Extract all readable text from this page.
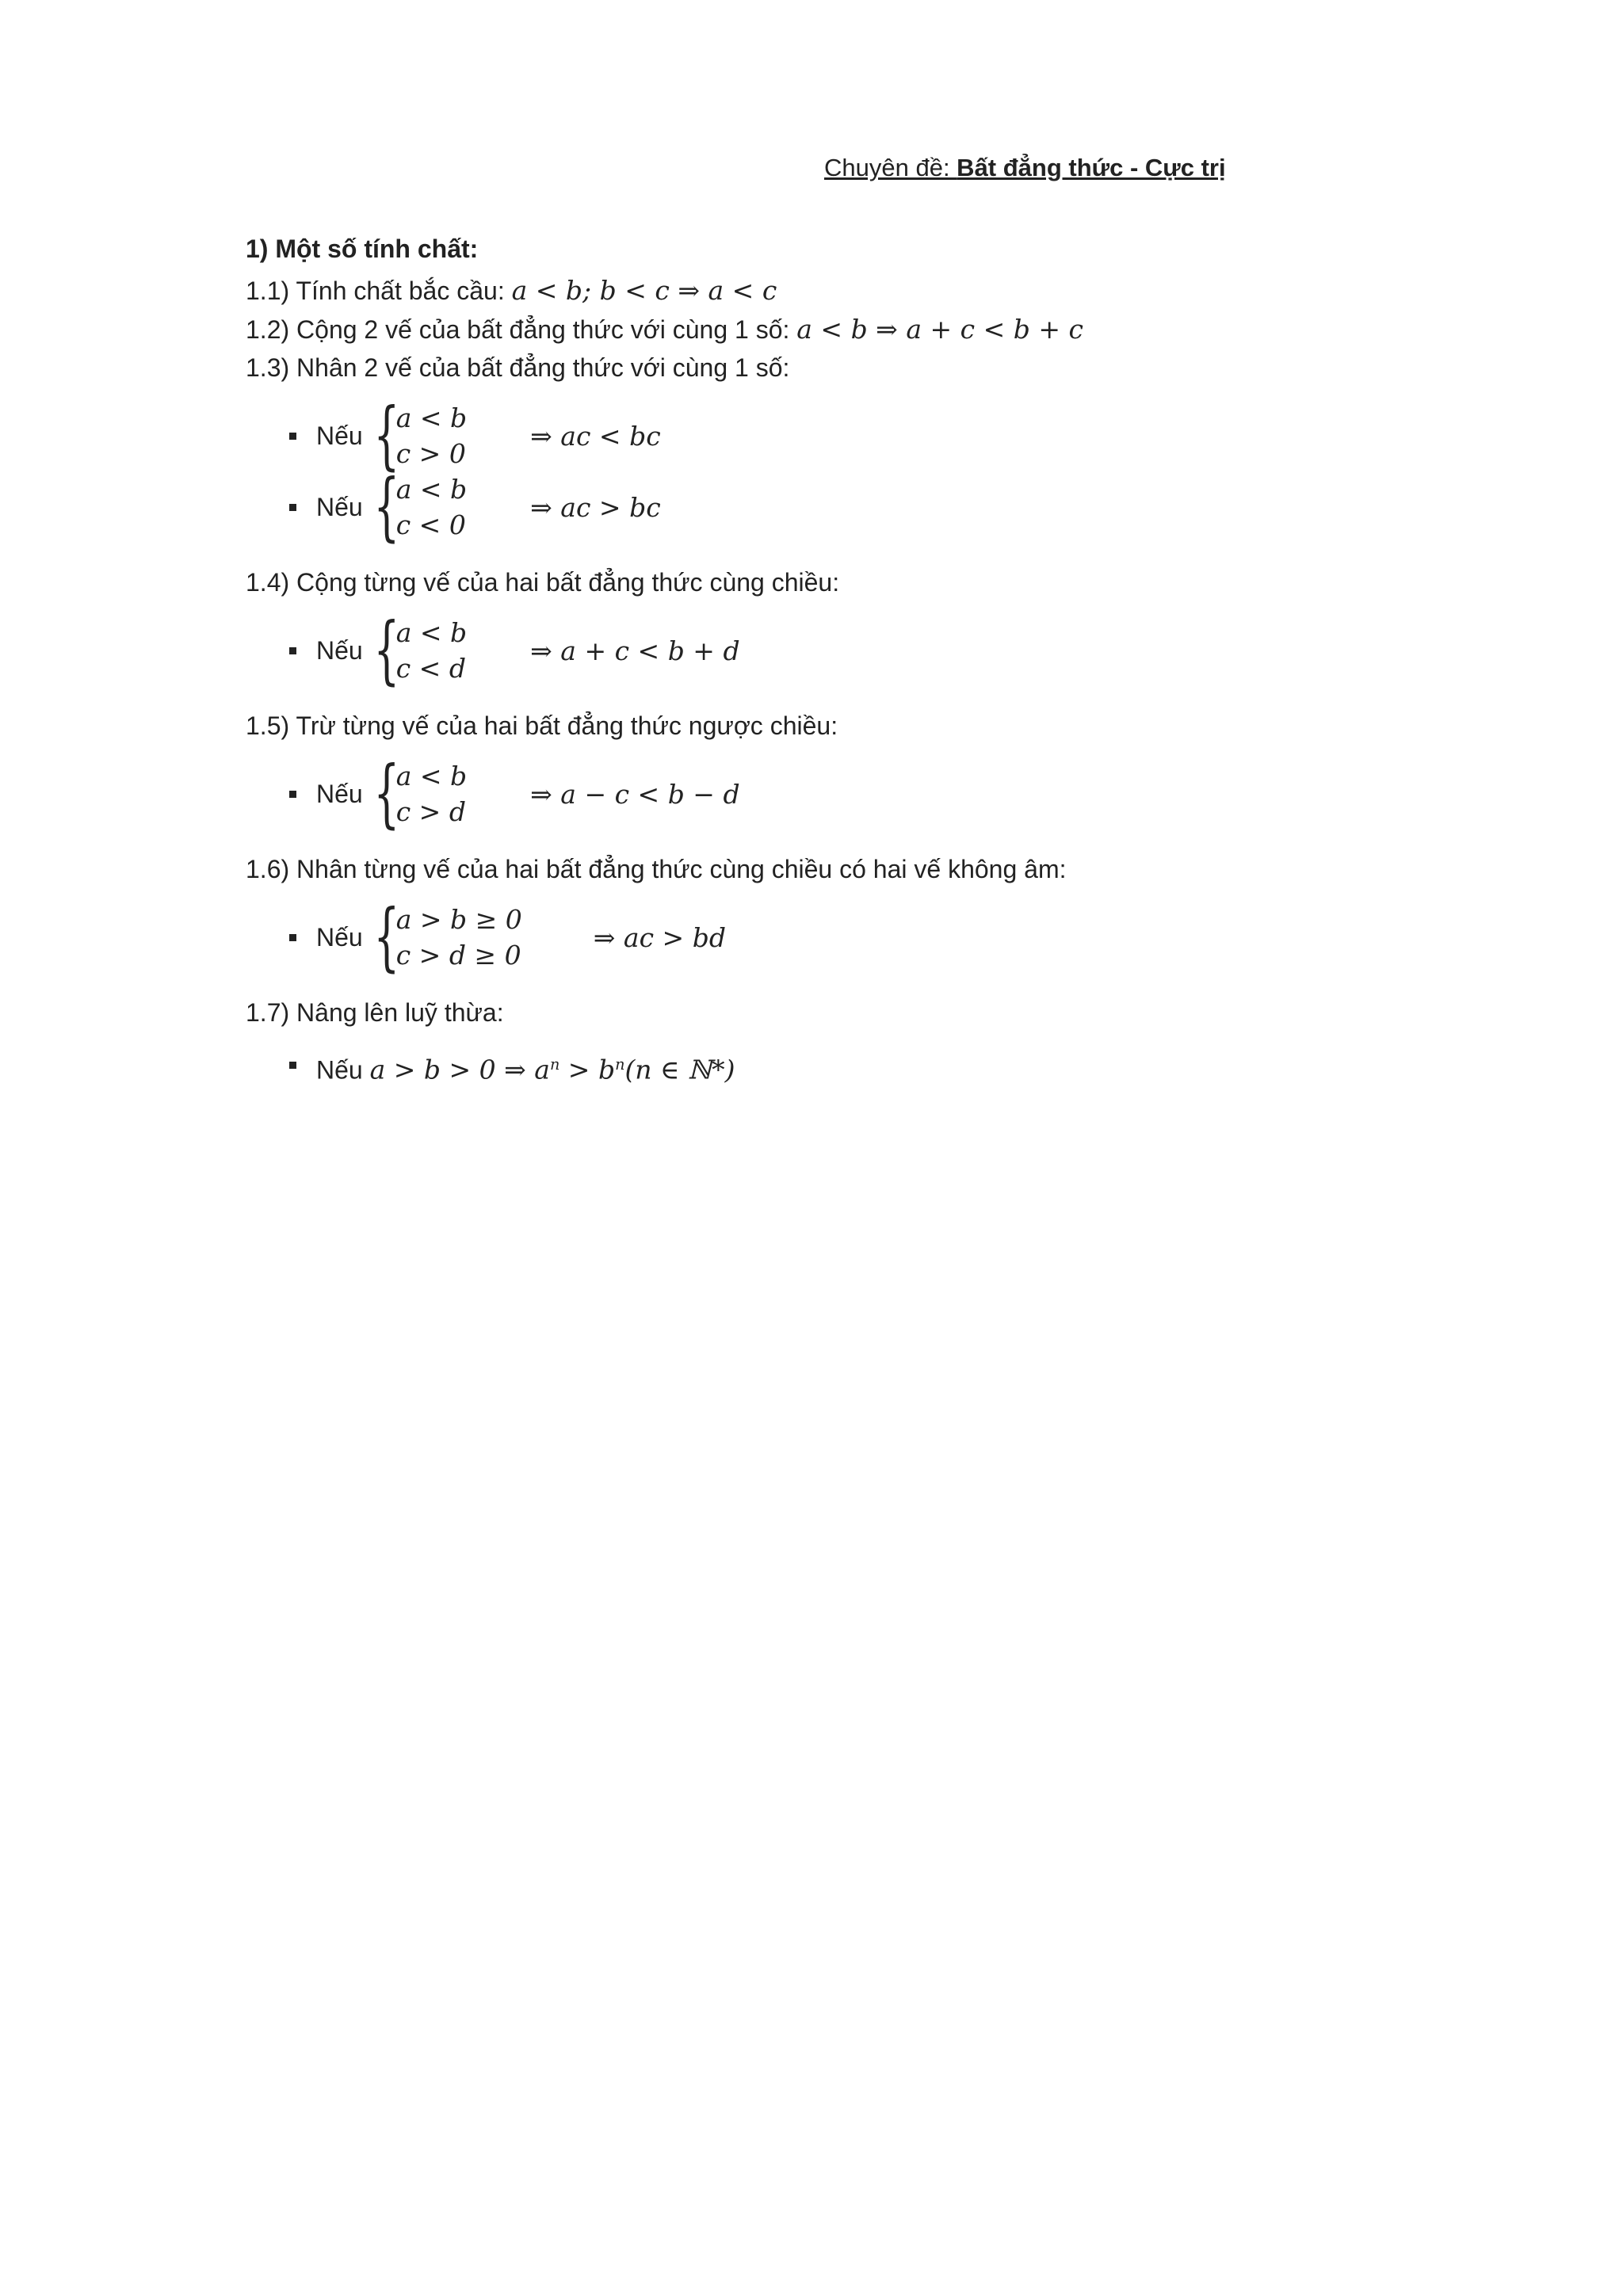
Chuyên đề: Bất đẳng thức - Cực trị
1) Một số tính chất:
1.1) Tính chất bắc cầu: a < b; b < c ⇒ a < c
1.2) Cộng 2 vế của bất đẳng thức với cùng 1 số: a < b ⇒ a + c < b + c
1.3) Nhân 2 vế của bất đẳng thức với cùng 1 số:
Nếu {
a < b
c > 0
⇒ ac < bc
Nếu {
a < b
c < 0
⇒ ac > bc
1.4) Cộng từng vế của hai bất đẳng thức cùng chiều:
Nếu {
a < b
c < d
⇒ a + c < b + d
1.5) Trừ từng vế của hai bất đẳng thức ngược chiều:
Nếu {
a < b
c > d
⇒ a − c < b − d
1.6) Nhân từng vế của hai bất đẳng thức cùng chiều có hai vế không âm:
Nếu {
a > b ≥ 0
c > d ≥ 0
⇒ ac > bd
1.7) Nâng lên luỹ thừa:
Nếu a > b > 0 ⇒ $a^n > b^n(n$ ∈ ℕ*)
